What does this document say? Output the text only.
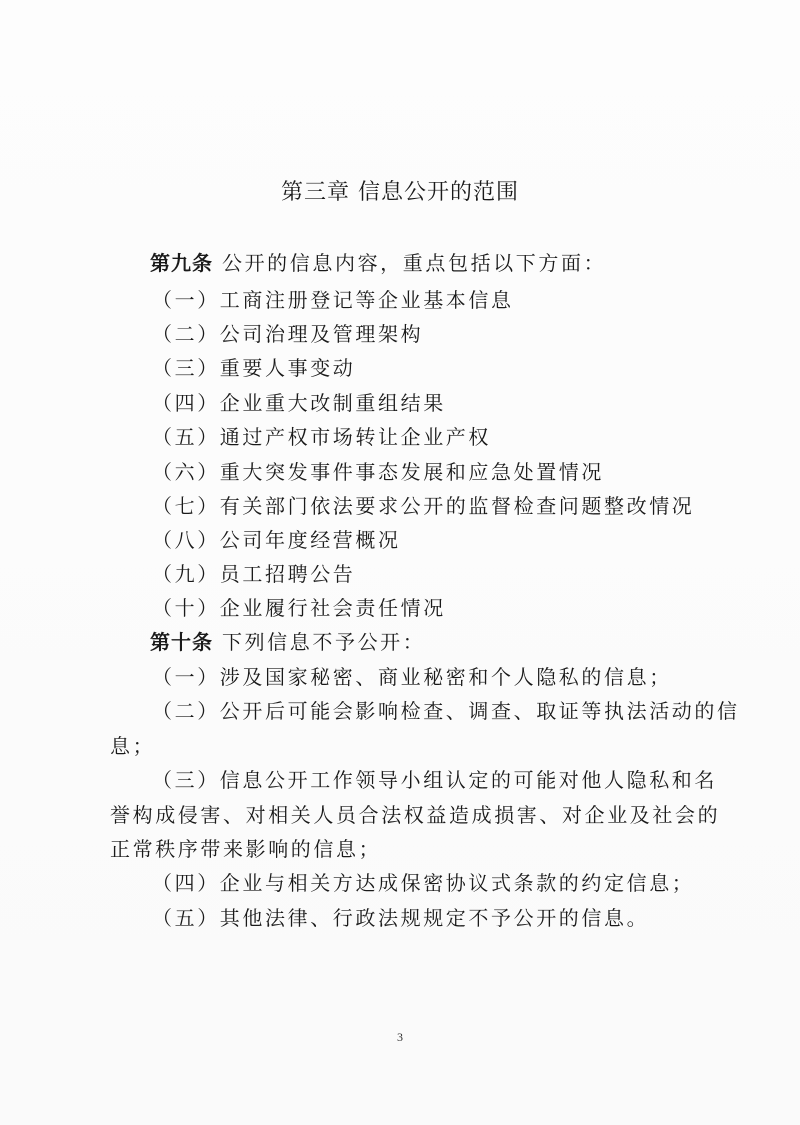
第三章 信息公开的范围
第九条 公开的信息内容，重点包括以下方面：
（一）工商注册登记等企业基本信息
（二）公司治理及管理架构
（三）重要人事变动
（四）企业重大改制重组结果
（五）通过产权市场转让企业产权
（六）重大突发事件事态发展和应急处置情况
（七）有关部门依法要求公开的监督检查问题整改情况
（八）公司年度经营概况
（九）员工招聘公告
（十）企业履行社会责任情况
第十条 下列信息不予公开：
（一）涉及国家秘密、商业秘密和个人隐私的信息；
（二）公开后可能会影响检查、调查、取证等执法活动的信
息；
（三）信息公开工作领导小组认定的可能对他人隐私和名
誉构成侵害、对相关人员合法权益造成损害、对企业及社会的
正常秩序带来影响的信息；
（四）企业与相关方达成保密协议式条款的约定信息；
（五）其他法律、行政法规规定不予公开的信息。
3
